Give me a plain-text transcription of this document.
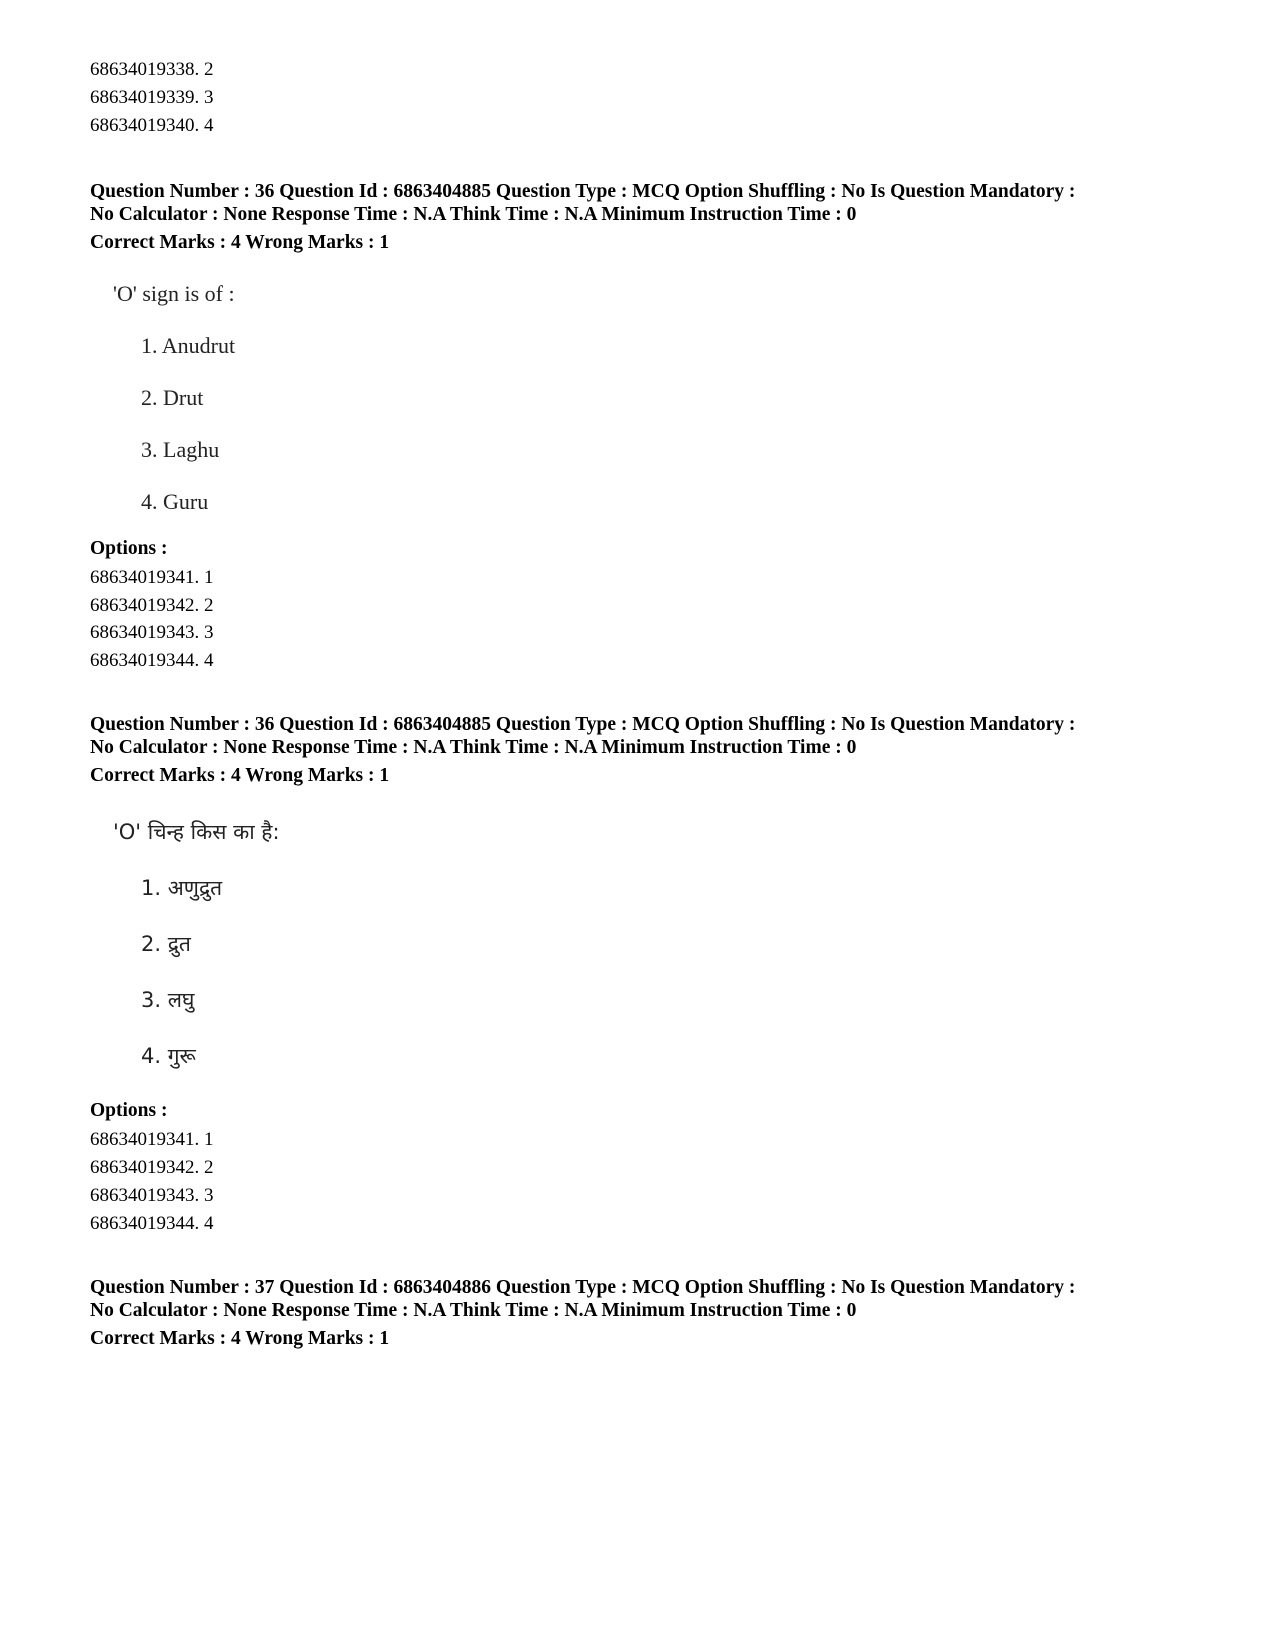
68634019338. 2
68634019339. 3
68634019340. 4
Question Number : 36 Question Id : 6863404885 Question Type : MCQ Option Shuffling : No Is Question Mandatory :
No Calculator : None Response Time : N.A Think Time : N.A Minimum Instruction Time : 0
Correct Marks : 4 Wrong Marks : 1
'O' sign is of :
1. Anudrut
2. Drut
3. Laghu
4. Guru
Options :
68634019341. 1
68634019342. 2
68634019343. 3
68634019344. 4
Question Number : 36 Question Id : 6863404885 Question Type : MCQ Option Shuffling : No Is Question Mandatory :
No Calculator : None Response Time : N.A Think Time : N.A Minimum Instruction Time : 0
Correct Marks : 4 Wrong Marks : 1
'O' चिन्ह किस का है:
1. अणुद्रुत
2. द्रुत
3. लघु
4. गुरू
Options :
68634019341. 1
68634019342. 2
68634019343. 3
68634019344. 4
Question Number : 37 Question Id : 6863404886 Question Type : MCQ Option Shuffling : No Is Question Mandatory :
No Calculator : None Response Time : N.A Think Time : N.A Minimum Instruction Time : 0
Correct Marks : 4 Wrong Marks : 1
